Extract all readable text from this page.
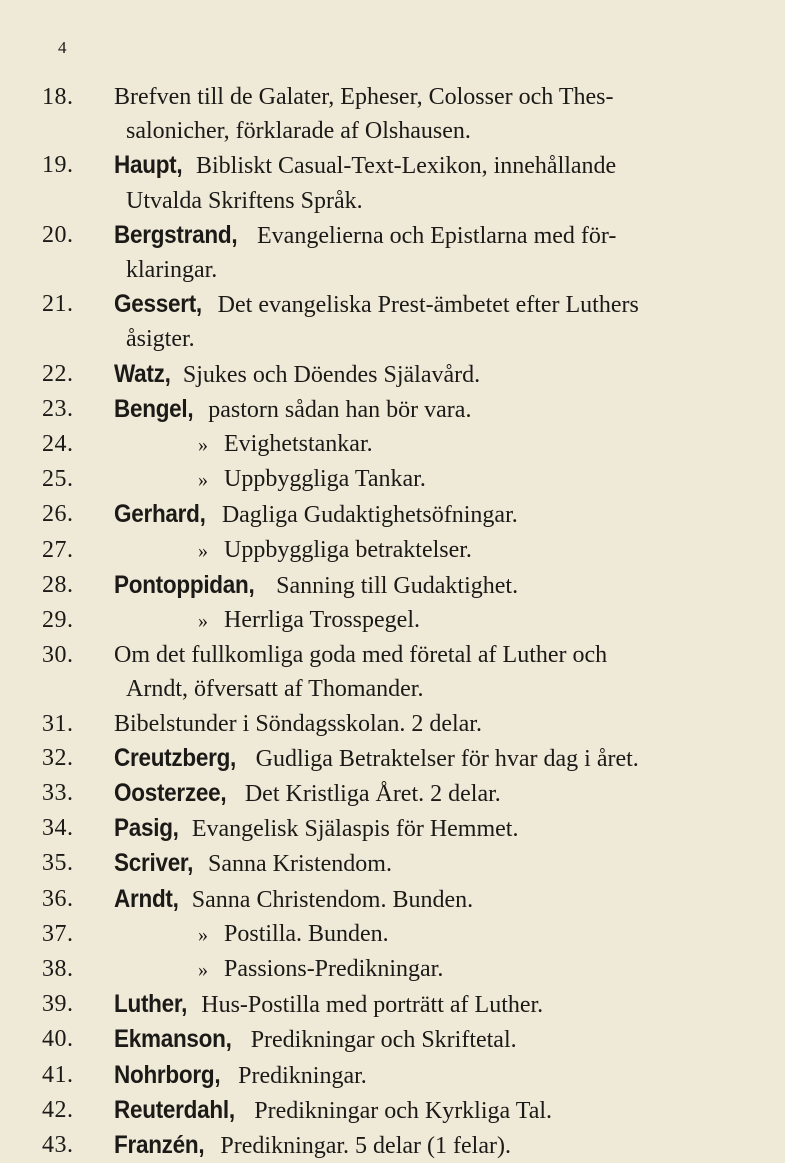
4
18.	Brefven till de Galater, Epheser, Colosser och Thes-
salonicher, förklarade af Olshausen.
19.	Haupt, Bibliskt Casual-Text-Lexikon, innehållande
Utvalda Skriftens Språk.
20.	Bergstrand, Evangelierna och Epistlarna med för-
klaringar.
21.	Gessert, Det evangeliska Prest-ämbetet efter Luthers
åsigter.
22.	Watz, Sjukes och Döendes Själavård.
23.	Bengel, pastorn sådan han bör vara.
24.	» Evighetstankar.
25.	» Uppbyggliga Tankar.
26.	Gerhard, Dagliga Gudaktighetsöfningar.
27.	» Uppbyggliga betraktelser.
28.	Pontoppidan, Sanning till Gudaktighet.
29.	» Herrliga Trosspegel.
30.	Om det fullkomliga goda med företal af Luther och
Arndt, öfversatt af Thomander.
31.	Bibelstunder i Söndagsskolan. 2 delar.
32.	Creutzberg, Gudliga Betraktelser för hvar dag i året.
33.	Oosterzee, Det Kristliga Året. 2 delar.
34.	Pasig, Evangelisk Själaspis för Hemmet.
35.	Scriver, Sanna Kristendom.
36.	Arndt, Sanna Christendom. Bunden.
37.	» Postilla. Bunden.
38.	» Passions-Predikningar.
39.	Luther, Hus-Postilla med porträtt af Luther.
40.	Ekmanson, Predikningar och Skriftetal.
41.	Nohrborg, Predikningar.
42.	Reuterdahl, Predikningar och Kyrkliga Tal.
43.	Franzén, Predikningar. 5 delar (1 felar).
